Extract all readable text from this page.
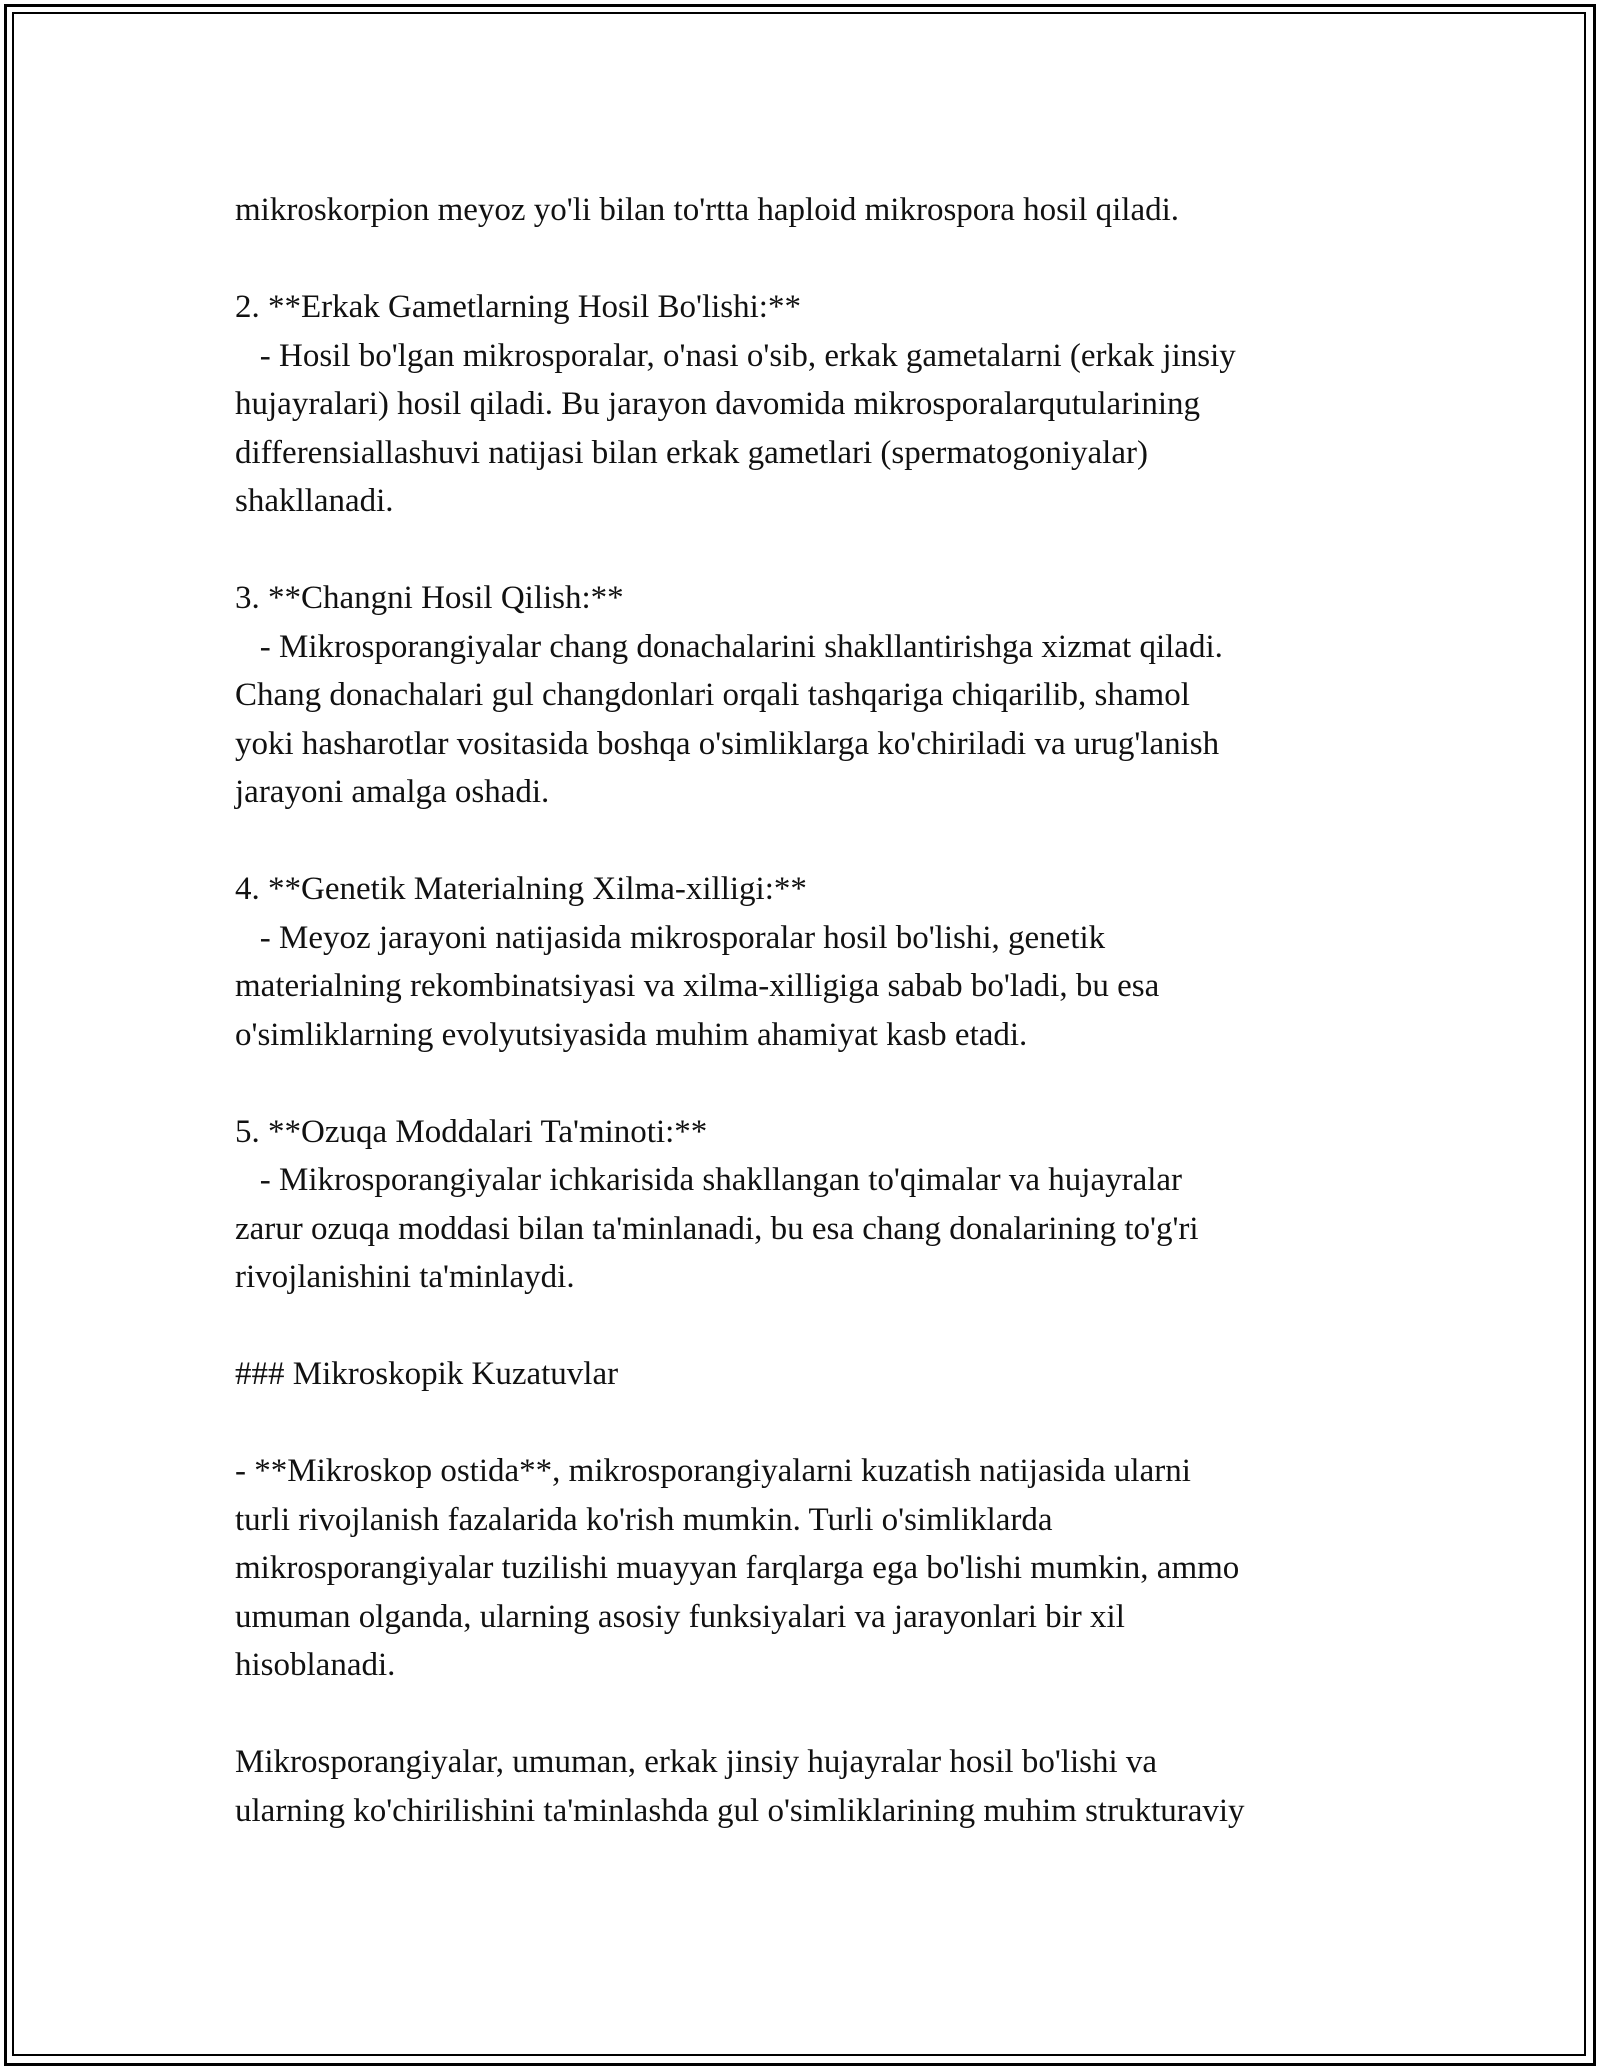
mikroskorpion meyoz yo'li bilan to'rtta haploid mikrospora hosil qiladi.
2. **Erkak Gametlarning Hosil Bo'lishi:**
- Hosil bo'lgan mikrosporalar, o'nasi o'sib, erkak gametalarni (erkak jinsiy
hujayralari) hosil qiladi. Bu jarayon davomida mikrosporalarqutularining
differensiallashuvi natijasi bilan erkak gametlari (spermatogoniyalar)
shakllanadi.
3. **Changni Hosil Qilish:**
- Mikrosporangiyalar chang donachalarini shakllantirishga xizmat qiladi.
Chang donachalari gul changdonlari orqali tashqariga chiqarilib, shamol
yoki hasharotlar vositasida boshqa o'simliklarga ko'chiriladi va urug'lanish
jarayoni amalga oshadi.
4. **Genetik Materialning Xilma-xilligi:**
- Meyoz jarayoni natijasida mikrosporalar hosil bo'lishi, genetik
materialning rekombinatsiyasi va xilma-xilligiga sabab bo'ladi, bu esa
o'simliklarning evolyutsiyasida muhim ahamiyat kasb etadi.
5. **Ozuqa Moddalari Ta'minoti:**
- Mikrosporangiyalar ichkarisida shakllangan to'qimalar va hujayralar
zarur ozuqa moddasi bilan ta'minlanadi, bu esa chang donalarining to'g'ri
rivojlanishini ta'minlaydi.
### Mikroskopik Kuzatuvlar
- **Mikroskop ostida**, mikrosporangiyalarni kuzatish natijasida ularni
turli rivojlanish fazalarida ko'rish mumkin. Turli o'simliklarda
mikrosporangiyalar tuzilishi muayyan farqlarga ega bo'lishi mumkin, ammo
umuman olganda, ularning asosiy funksiyalari va jarayonlari bir xil
hisoblanadi.
Mikrosporangiyalar, umuman, erkak jinsiy hujayralar hosil bo'lishi va
ularning ko'chirilishini ta'minlashda gul o'simliklarining muhim strukturaviy
